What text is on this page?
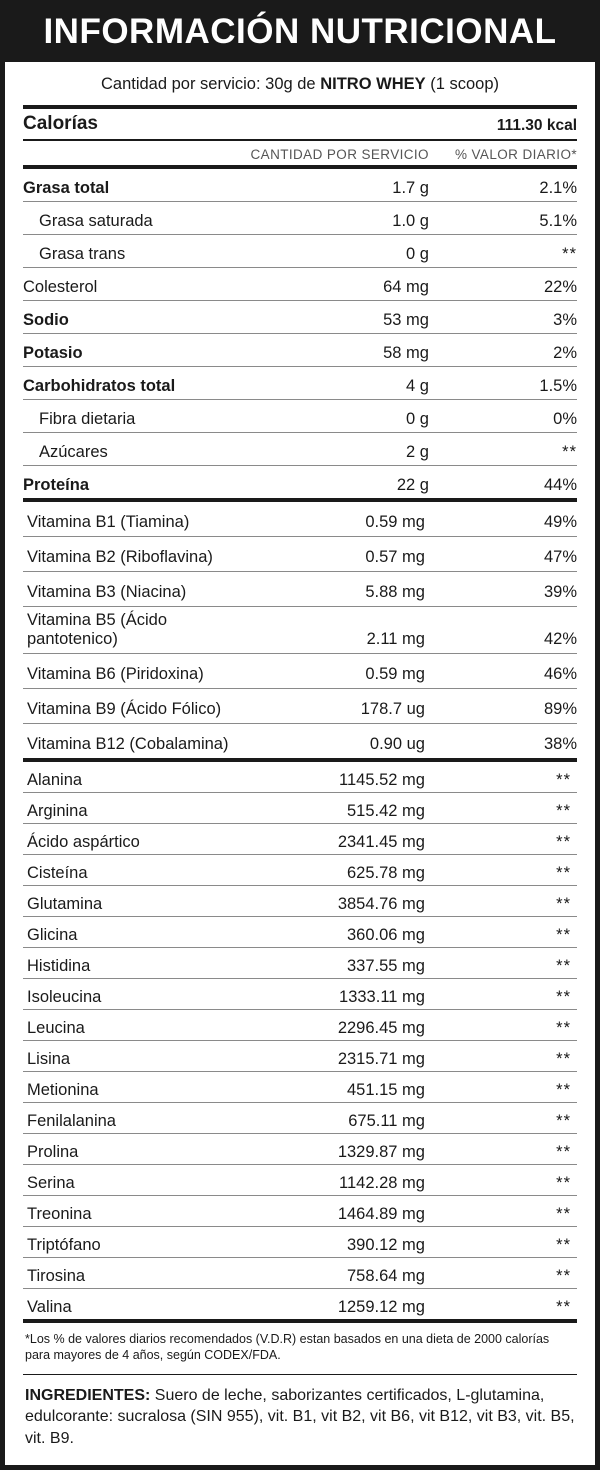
INFORMACIÓN NUTRICIONAL
Cantidad por servicio: 30g de NITRO WHEY (1 scoop)
Calorías		111.30 kcal
	CANTIDAD POR SERVICIO	% VALOR DIARIO*
Grasa total	1.7 g	2.1%
Grasa saturada	1.0 g	5.1%
Grasa trans	0 g	**
Colesterol	64 mg	22%
Sodio	53 mg	3%
Potasio	58 mg	2%
Carbohidratos total	4 g	1.5%
Fibra dietaria	0 g	0%
Azúcares	2 g	**
Proteína	22 g	44%
Vitamina B1 (Tiamina)	0.59 mg	49%
Vitamina B2 (Riboflavina)	0.57 mg	47%
Vitamina B3 (Niacina)	5.88 mg	39%
Vitamina B5 (Ácido pantotenico)	2.11 mg	42%
Vitamina B6 (Piridoxina)	0.59 mg	46%
Vitamina B9 (Ácido Fólico)	178.7 ug	89%
Vitamina B12 (Cobalamina)	0.90 ug	38%
Alanina	1145.52 mg	**
Arginina	515.42 mg	**
Ácido aspártico	2341.45 mg	**
Cisteína	625.78 mg	**
Glutamina	3854.76 mg	**
Glicina	360.06 mg	**
Histidina	337.55 mg	**
Isoleucina	1333.11 mg	**
Leucina	2296.45 mg	**
Lisina	2315.71 mg	**
Metionina	451.15 mg	**
Fenilalanina	675.11 mg	**
Prolina	1329.87 mg	**
Serina	1142.28 mg	**
Treonina	1464.89 mg	**
Triptófano	390.12 mg	**
Tirosina	758.64 mg	**
Valina	1259.12 mg	**
*Los % de valores diarios recomendados (V.D.R) estan basados en una dieta de 2000 calorías para mayores de 4 años, según CODEX/FDA.
INGREDIENTES: Suero de leche, saborizantes certificados, L-glutamina, edulcorante: sucralosa (SIN 955), vit. B1, vit B2, vit B6, vit B12, vit B3, vit. B5, vit. B9.
